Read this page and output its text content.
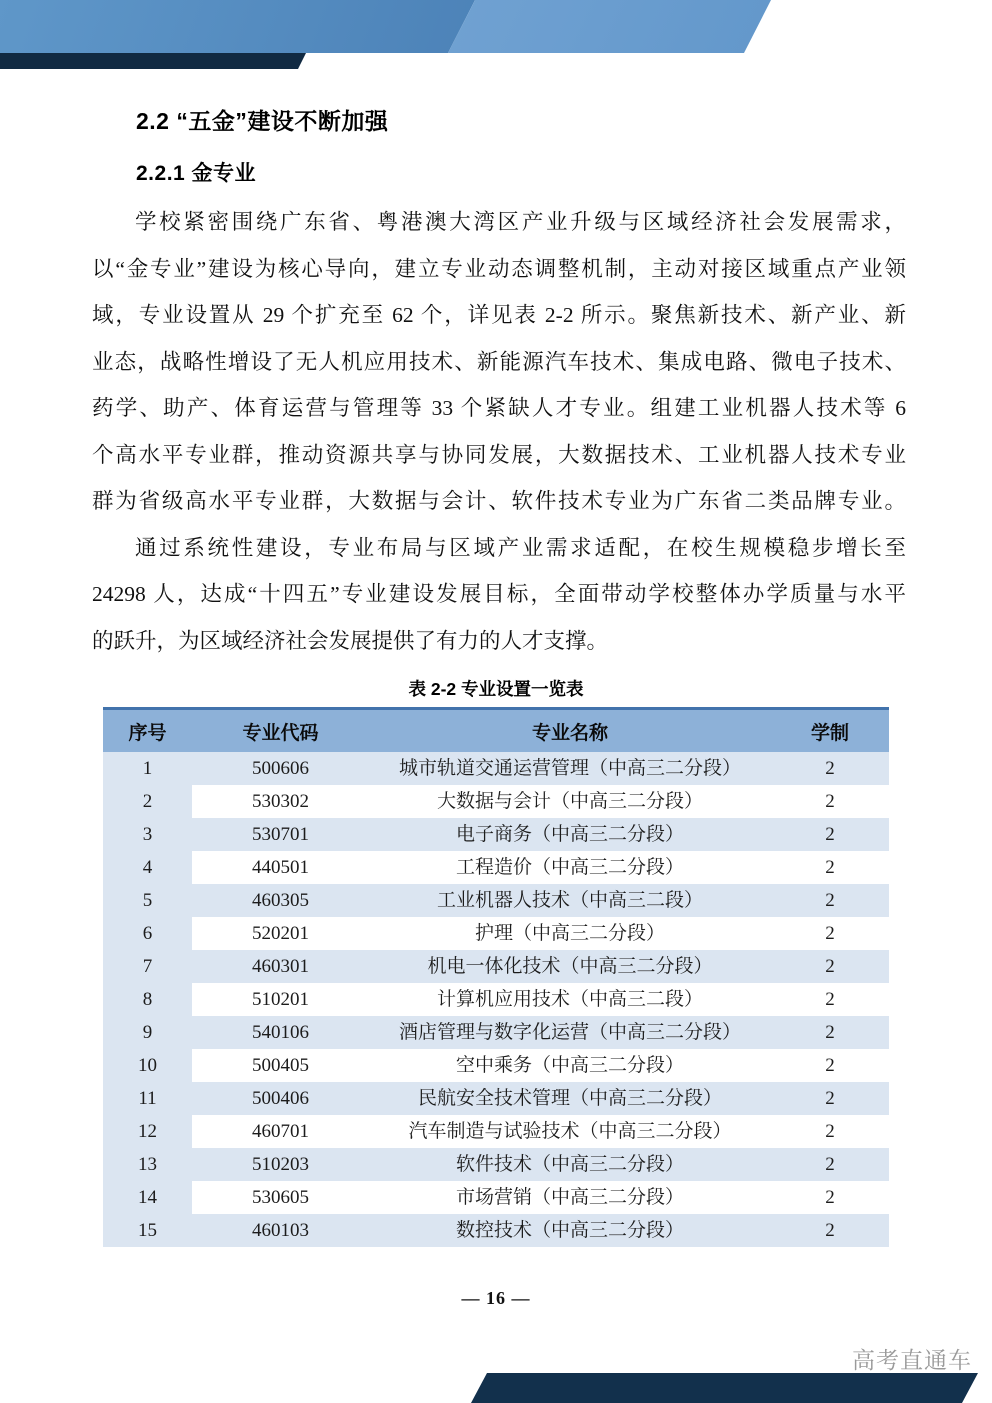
2.2 “五金”建设不断加强
2.2.1 金专业
学校紧密围绕广东省、粤港澳大湾区产业升级与区域经济社会发展需求，
以“金专业”建设为核心导向，建立专业动态调整机制，主动对接区域重点产业领
域，专业设置从 29 个扩充至 62 个，详见表 2-2 所示。聚焦新技术、新产业、新
业态，战略性增设了无人机应用技术、新能源汽车技术、集成电路、微电子技术、
药学、助产、体育运营与管理等 33 个紧缺人才专业。组建工业机器人技术等 6
个高水平专业群，推动资源共享与协同发展，大数据技术、工业机器人技术专业
群为省级高水平专业群，大数据与会计、软件技术专业为广东省二类品牌专业。
通过系统性建设，专业布局与区域产业需求适配，在校生规模稳步增长至
24298 人，达成“十四五”专业建设发展目标，全面带动学校整体办学质量与水平
的跃升，为区域经济社会发展提供了有力的人才支撑。
表 2-2 专业设置一览表
序号	专业代码	专业名称	学制
1	500606	城市轨道交通运营管理（中高三二分段）	2
2	530302	大数据与会计（中高三二分段）	2
3	530701	电子商务（中高三二分段）	2
4	440501	工程造价（中高三二分段）	2
5	460305	工业机器人技术（中高三二段）	2
6	520201	护理（中高三二分段）	2
7	460301	机电一体化技术（中高三二分段）	2
8	510201	计算机应用技术（中高三二段）	2
9	540106	酒店管理与数字化运营（中高三二分段）	2
10	500405	空中乘务（中高三二分段）	2
11	500406	民航安全技术管理（中高三二分段）	2
12	460701	汽车制造与试验技术（中高三二分段）	2
13	510203	软件技术（中高三二分段）	2
14	530605	市场营销（中高三二分段）	2
15	460103	数控技术（中高三二分段）	2
— 16 —
高考直通车
